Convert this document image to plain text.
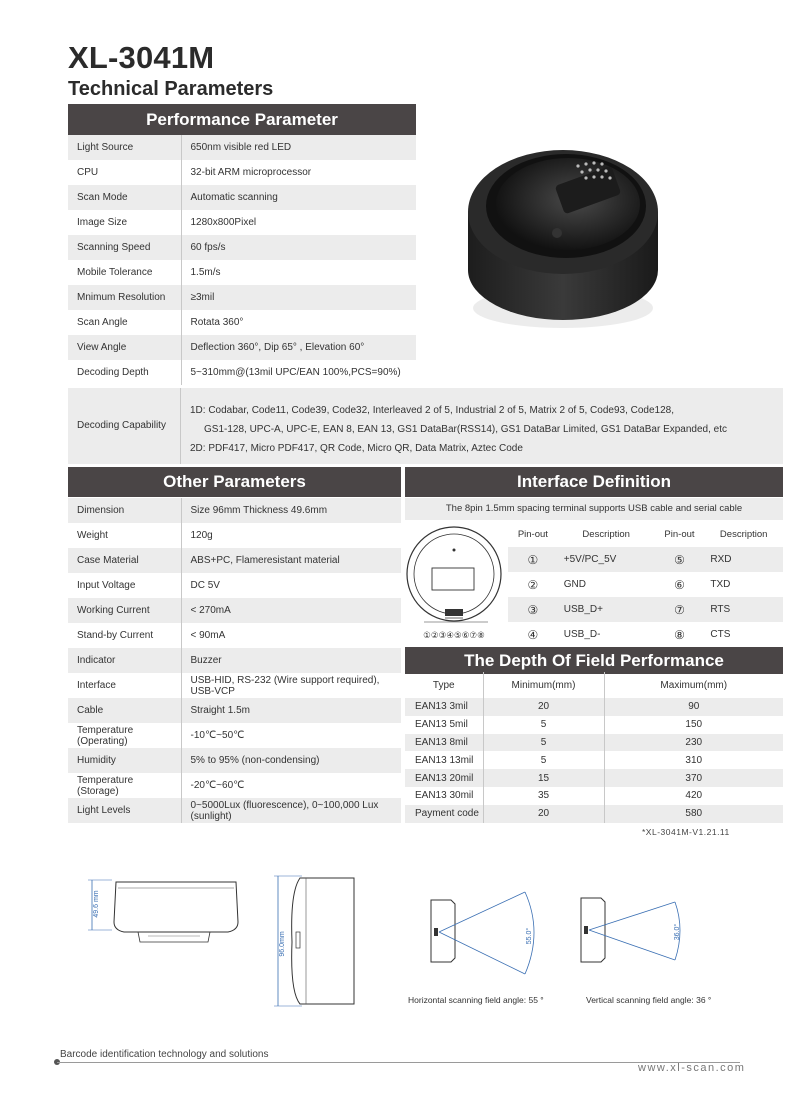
XL-3041M
Technical Parameters
Performance Parameter
Light Source	650nm visible red LED
CPU	32-bit ARM microprocessor
Scan Mode	Automatic scanning
Image Size	1280x800Pixel
Scanning Speed	60 fps/s
Mobile Tolerance	1.5m/s
Mnimum Resolution	≥3mil
Scan Angle	Rotata 360°
View Angle	Deflection 360°, Dip 65° , Elevation 60°
Decoding Depth	5~310mm@(13mil UPC/EAN 100%,PCS=90%)
Decoding Capability
1D: Codabar, Code11, Code39, Code32, Interleaved 2 of 5, Industrial 2 of 5, Matrix 2 of 5, Code93, Code128,
GS1-128, UPC-A, UPC-E, EAN 8, EAN 13, GS1 DataBar(RSS14), GS1 DataBar Limited, GS1 DataBar Expanded, etc
2D: PDF417, Micro PDF417, QR Code, Micro QR, Data Matrix, Aztec Code
Other Parameters
Dimension	Size 96mm Thickness 49.6mm
Weight	120g
Case Material	ABS+PC, Flameresistant material
Input Voltage	DC 5V
Working Current	< 270mA
Stand-by Current	< 90mA
Indicator	Buzzer
Interface	USB-HID, RS-232 (Wire support required), USB-VCP
Cable	Straight 1.5m
Temperature (Operating)	-10℃~50℃
Humidity	5% to 95% (non-condensing)
Temperature (Storage)	-20℃~60℃
Light Levels	0~5000Lux (fluorescence), 0~100,000 Lux (sunlight)
Interface Definition
The 8pin 1.5mm spacing terminal supports USB cable and serial cable
①②③④⑤⑥⑦⑧
Pin-out	Description	Pin-out	Description
①	+5V/PC_5V	⑤	RXD
②	GND	⑥	TXD
③	USB_D+	⑦	RTS
④	USB_D-	⑧	CTS
The Depth Of Field Performance
Type	Minimum(mm)	Maximum(mm)
EAN13 3mil	20	90
EAN13 5mil	5	150
EAN13 8mil	5	230
EAN13 13mil	5	310
EAN13 20mil	15	370
EAN13 30mil	35	420
Payment code	20	580
*XL-3041M-V1.21.11
49.6 mm
96.0mm	55.0°
Horizontal scanning field angle: 55 °
36.0°
Vertical scanning field angle: 36 °
Barcode identification technology and solutions
www.xl-scan.com
